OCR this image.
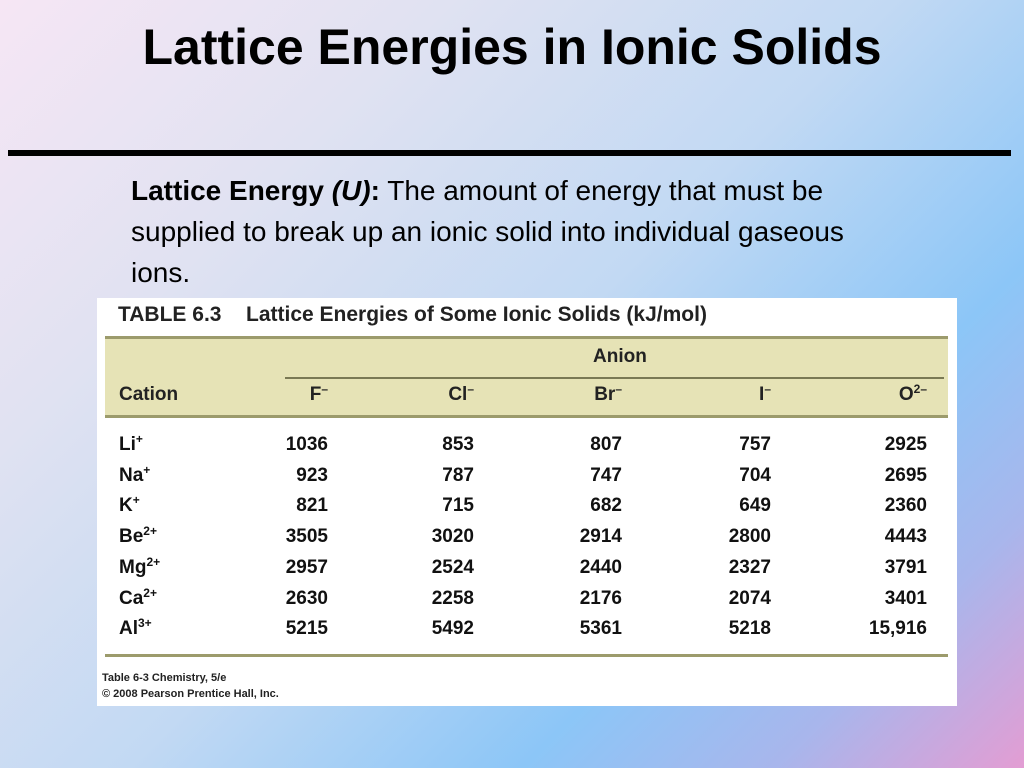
Lattice Energies in Ionic Solids
Lattice Energy (U): The amount of energy that must be supplied to break up an ionic solid into individual gaseous ions.
TABLE 6.3 Lattice Energies of Some Ionic Solids (kJ/mol)
Anion
Cation	F–	Cl–	Br–	I–	$O^{2-}$
Li+	1036	853	807	757	2925
Na+	923	787	747	704	2695
K+	821	715	682	649	2360
$Be^{2+}$	3505	3020	2914	2800	4443
$Mg^{2+}$	2957	2524	2440	2327	3791
$Ca^{2+}$	2630	2258	2176	2074	3401
$Al^{3+}$	5215	5492	5361	5218	15,916
Table 6-3 Chemistry, 5/e
© 2008 Pearson Prentice Hall, Inc.
